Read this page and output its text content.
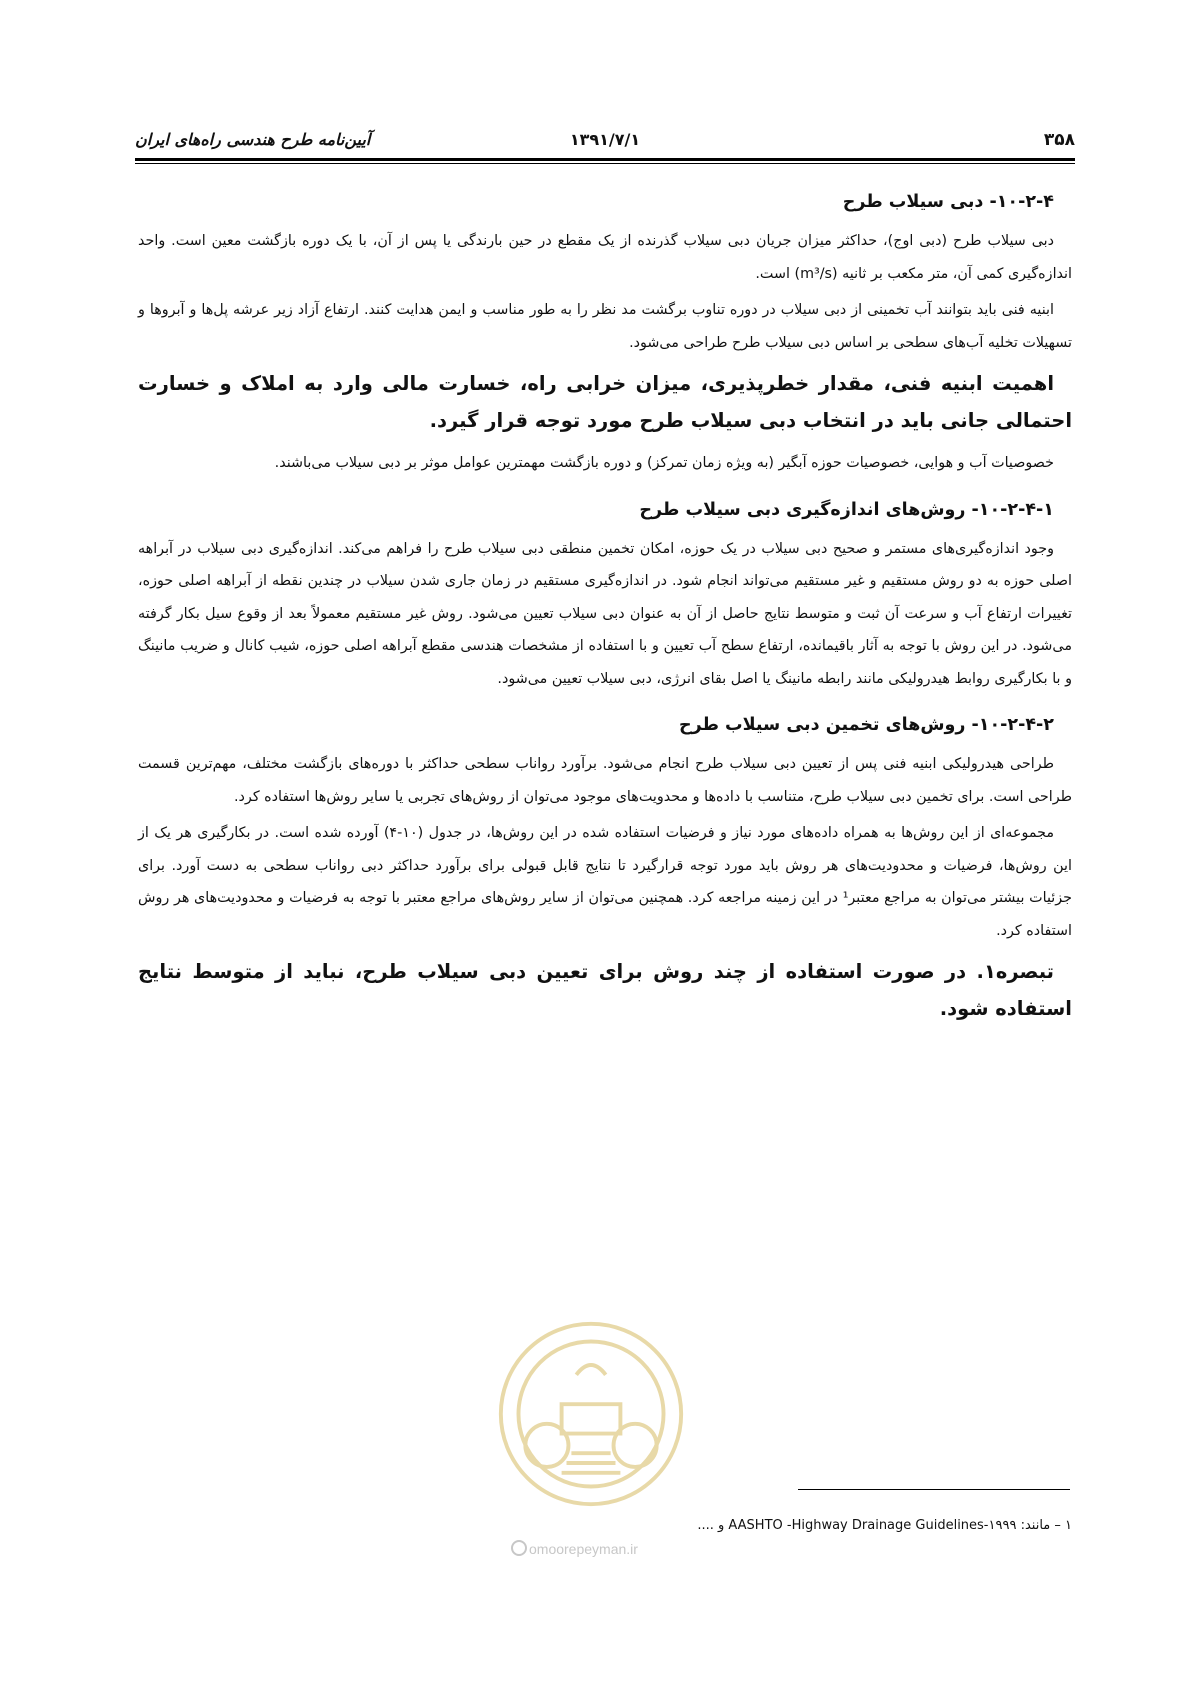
۳۵۸
۱۳۹۱/۷/۱
آیین‌نامه طرح هندسی راه‌های ایران
۱۰-۲-۴- دبی سیلاب طرح

دبی سیلاب طرح (دبی اوج)، حداکثر میزان جریان دبی سیلاب گذرنده از یک مقطع در حین بارندگی یا پس از آن، با یک دوره بازگشت معین است. واحد اندازه‌گیری کمی آن، متر مکعب بر ثانیه (m³/s) است.

ابنیه فنی باید بتوانند آب تخمینی از دبی سیلاب در دوره تناوب برگشت مد نظر را به طور مناسب و ایمن هدایت کنند. ارتفاع آزاد زیر عرشه پل‌ها و آبروها و تسهیلات تخلیه آب‌های سطحی بر اساس دبی سیلاب طرح طراحی می‌شود.

اهمیت ابنیه فنی، مقدار خطرپذیری، میزان خرابی راه، خسارت مالی وارد به املاک و خسارت احتمالی جانی باید در انتخاب دبی سیلاب طرح مورد توجه قرار گیرد.

خصوصیات آب و هوایی، خصوصیات حوزه آبگیر (به ویژه زمان تمرکز) و دوره بازگشت مهمترین عوامل موثر بر دبی سیلاب می‌باشند.

۱۰-۲-۴-۱- روش‌های اندازه‌گیری دبی سیلاب طرح

وجود اندازه‌گیری‌های مستمر و صحیح دبی سیلاب در یک حوزه، امکان تخمین منطقی دبی سیلاب طرح را فراهم می‌کند. اندازه‌گیری دبی سیلاب در آبراهه اصلی حوزه به دو روش مستقیم و غیر مستقیم می‌تواند انجام شود. در اندازه‌گیری مستقیم در زمان جاری شدن سیلاب در چندین نقطه از آبراهه اصلی حوزه، تغییرات ارتفاع آب و سرعت آن ثبت و متوسط نتایج حاصل از آن به عنوان دبی سیلاب تعیین می‌شود. روش غیر مستقیم معمولاً بعد از وقوع سیل بکار گرفته می‌شود. در این روش با توجه به آثار باقیمانده، ارتفاع سطح آب تعیین و با استفاده از مشخصات هندسی مقطع آبراهه اصلی حوزه، شیب کانال و ضریب مانینگ و با بکارگیری روابط هیدرولیکی مانند رابطه مانینگ یا اصل بقای انرژی، دبی سیلاب تعیین می‌شود.

۱۰-۲-۴-۲- روش‌های تخمین دبی سیلاب طرح

طراحی هیدرولیکی ابنیه فنی پس از تعیین دبی سیلاب طرح انجام می‌شود. برآورد رواناب سطحی حداکثر با دوره‌های بازگشت مختلف، مهم‌ترین قسمت طراحی است. برای تخمین دبی سیلاب طرح، متناسب با داده‌ها و محدویت‌های موجود می‌توان از روش‌های تجربی یا سایر روش‌ها استفاده کرد.

مجموعه‌ای از این روش‌ها به همراه داده‌های مورد نیاز و فرضیات استفاده شده در این روش‌ها، در جدول (۱۰-۴) آورده شده است. در بکارگیری هر یک از این روش‌ها، فرضیات و محدودیت‌های هر روش باید مورد توجه قرارگیرد تا نتایج قابل قبولی برای برآورد حداکثر دبی رواناب سطحی به دست آورد. برای جزئیات بیشتر می‌توان به مراجع معتبر¹ در این زمینه مراجعه کرد. همچنین می‌توان از سایر روش‌های مراجع معتبر با توجه به فرضیات و محدودیت‌های هر روش استفاده کرد.

تبصره۱. در صورت استفاده از چند روش برای تعیین دبی سیلاب طرح، نباید از متوسط نتایج استفاده شود.

۱ – مانند: AASHTO -Highway Drainage Guidelines-۱۹۹۹ و ....
omoorepeyman.ir
